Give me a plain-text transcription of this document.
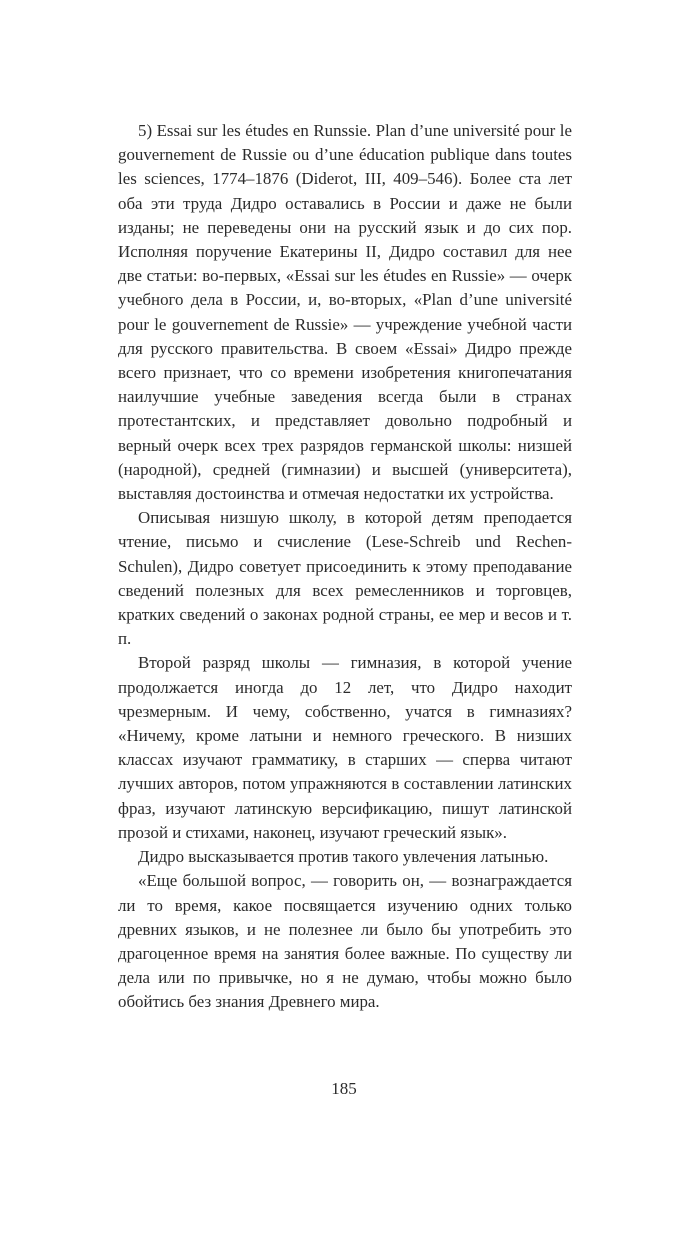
5) Essai sur les études en Runssie. Plan d’une université pour le gouvernement de Russie ou d’une éducation publique dans toutes les sciences, 1774–1876 (Diderot, III, 409–546). Более ста лет оба эти труда Дидро оставались в России и даже не были изданы; не переведены они на русский язык и до сих пор. Исполняя поручение Екатерины II, Дидро составил для нее две статьи: во-первых, «Essai sur les études en Russie» — очерк учебного дела в России, и, во-вторых, «Plan d’une université pour le gouvernement de Russie» — учреждение учебной части для русского правительства. В своем «Essai» Дидро прежде всего признает, что со времени изобретения книгопечатания наилучшие учебные заведения всегда были в странах протестантских, и представляет довольно подробный и верный очерк всех трех разрядов германской школы: низшей (народной), средней (гимназии) и высшей (университета), выставляя достоинства и отмечая недостатки их устройства.

Описывая низшую школу, в которой детям преподается чтение, письмо и счисление (Lese-Schreib und Rechen-Schulen), Дидро советует присоединить к этому преподавание сведений полезных для всех ремесленников и торговцев, кратких сведений о законах родной страны, ее мер и весов и т. п.

Второй разряд школы — гимназия, в которой учение продолжается иногда до 12 лет, что Дидро находит чрезмерным. И чему, собственно, учатся в гимназиях? «Ничему, кроме латыни и немного греческого. В низших классах изучают грамматику, в старших — сперва читают лучших авторов, потом упражняются в составлении латинских фраз, изучают латинскую версификацию, пишут латинской прозой и стихами, наконец, изучают греческий язык».

Дидро высказывается против такого увлечения латынью.

«Еще большой вопрос, — говорить он, — вознаграждается ли то время, какое посвящается изучению одних только древних языков, и не полезнее ли было бы употребить это драгоценное время на занятия более важные. По существу ли дела или по привычке, но я не думаю, чтобы можно было обойтись без знания Древнего мира.

185
